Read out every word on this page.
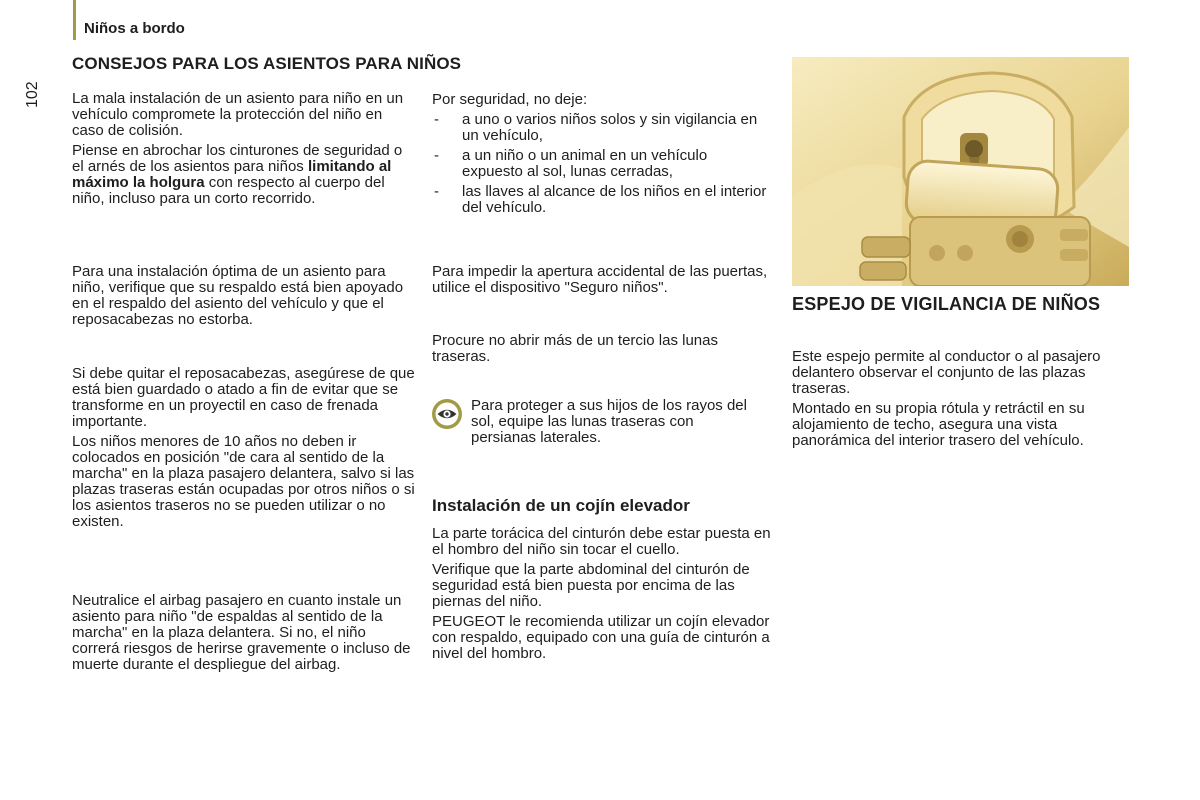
Niños a bordo
102
CONSEJOS PARA LOS ASIENTOS PARA NIÑOS

La mala instalación de un asiento para niño en un vehículo compromete la protección del niño en caso de colisión.

Piense en abrochar los cinturones de seguridad o el arnés de los asientos para niños limitando al máximo la holgura con respecto al cuerpo del niño, incluso para un corto recorrido.

Para una instalación óptima de un asiento para niño, verifique que su respaldo está bien apoyado en el respaldo del asiento del vehículo y que el reposacabezas no estorba.

Si debe quitar el reposacabezas, asegúrese de que está bien guardado o atado a fin de evitar que se transforme en un proyectil en caso de frenada importante.

Los niños menores de 10 años no deben ir colocados en posición "de cara al sentido de la marcha" en la plaza pasajero delantera, salvo si las plazas traseras están ocupadas por otros niños o si los asientos traseros no se pueden utilizar o no existen.

Neutralice el airbag pasajero en cuanto instale un asiento para niño "de espaldas al sentido de la marcha" en la plaza delantera. Si no, el niño correrá riesgos de herirse gravemente o incluso de muerte durante el despliegue del airbag.

Por seguridad, no deje:

- a uno o varios niños solos y sin vigilancia en un vehículo,
- a un niño o un animal en un vehículo expuesto al sol, lunas cerradas,
- las llaves al alcance de los niños en el interior del vehículo.

Para impedir la apertura accidental de las puertas, utilice el dispositivo "Seguro niños".

Procure no abrir más de un tercio las lunas traseras.

Para proteger a sus hijos de los rayos del sol, equipe las lunas traseras con persianas laterales.
Instalación de un cojín elevador

La parte torácica del cinturón debe estar puesta en el hombro del niño sin tocar el cuello.

Verifique que la parte abdominal del cinturón de seguridad está bien puesta por encima de las piernas del niño.

PEUGEOT le recomienda utilizar un cojín elevador con respaldo, equipado con una guía de cinturón a nivel del hombro.

ESPEJO DE VIGILANCIA DE NIÑOS

Este espejo permite al conductor o al pasajero delantero observar el conjunto de las plazas traseras.

Montado en su propia rótula y retráctil en su alojamiento de techo, asegura una vista panorámica del interior trasero del vehículo.
